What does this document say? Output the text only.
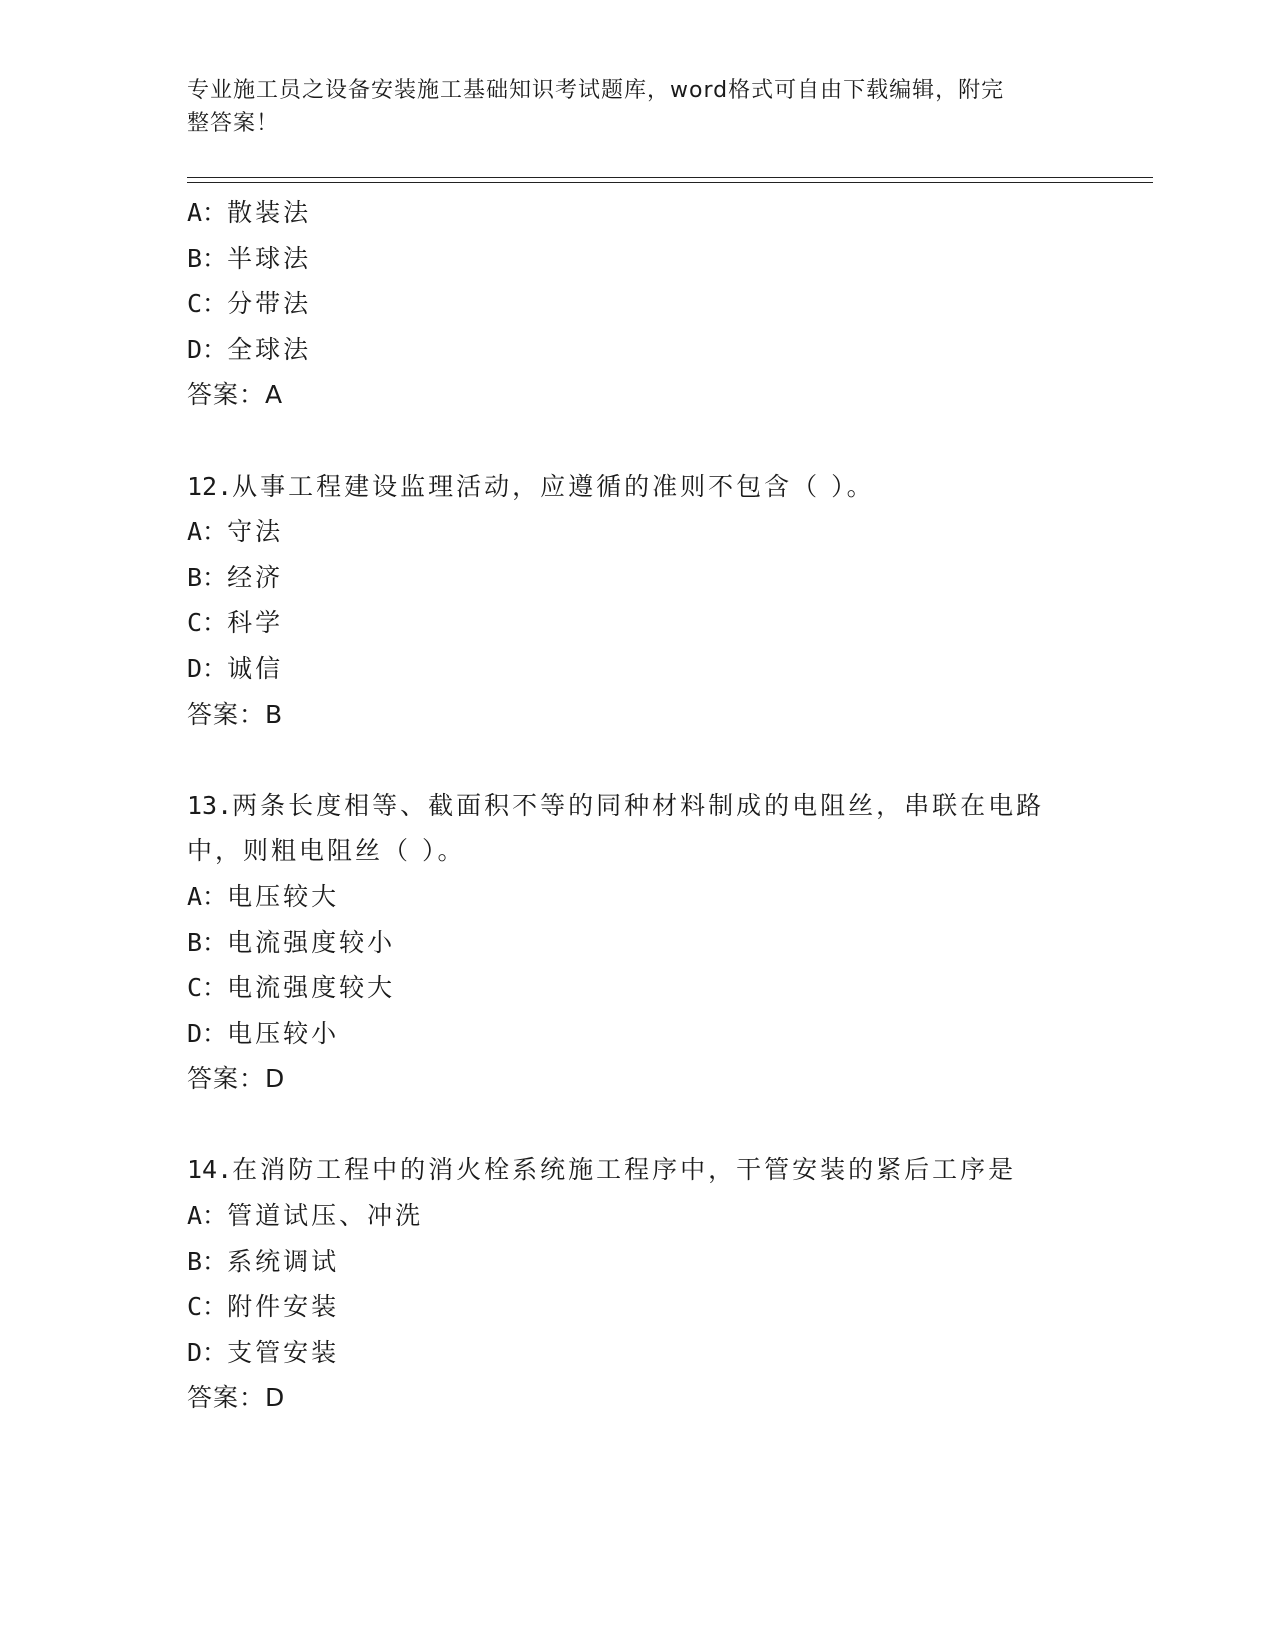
专业施工员之设备安装施工基础知识考试题库，word格式可自由下载编辑，附完
整答案！
A：散装法
B：半球法
C：分带法
D：全球法
答案：A
12.从事工程建设监理活动，应遵循的准则不包含（ ）。
A：守法
B：经济
C：科学
D：诚信
答案：B
13.两条长度相等、截面积不等的同种材料制成的电阻丝，串联在电路
中，则粗电阻丝（ ）。
A：电压较大
B：电流强度较小
C：电流强度较大
D：电压较小
答案：D
14.在消防工程中的消火栓系统施工程序中，干管安装的紧后工序是
A：管道试压、冲洗
B：系统调试
C：附件安装
D：支管安装
答案：D
